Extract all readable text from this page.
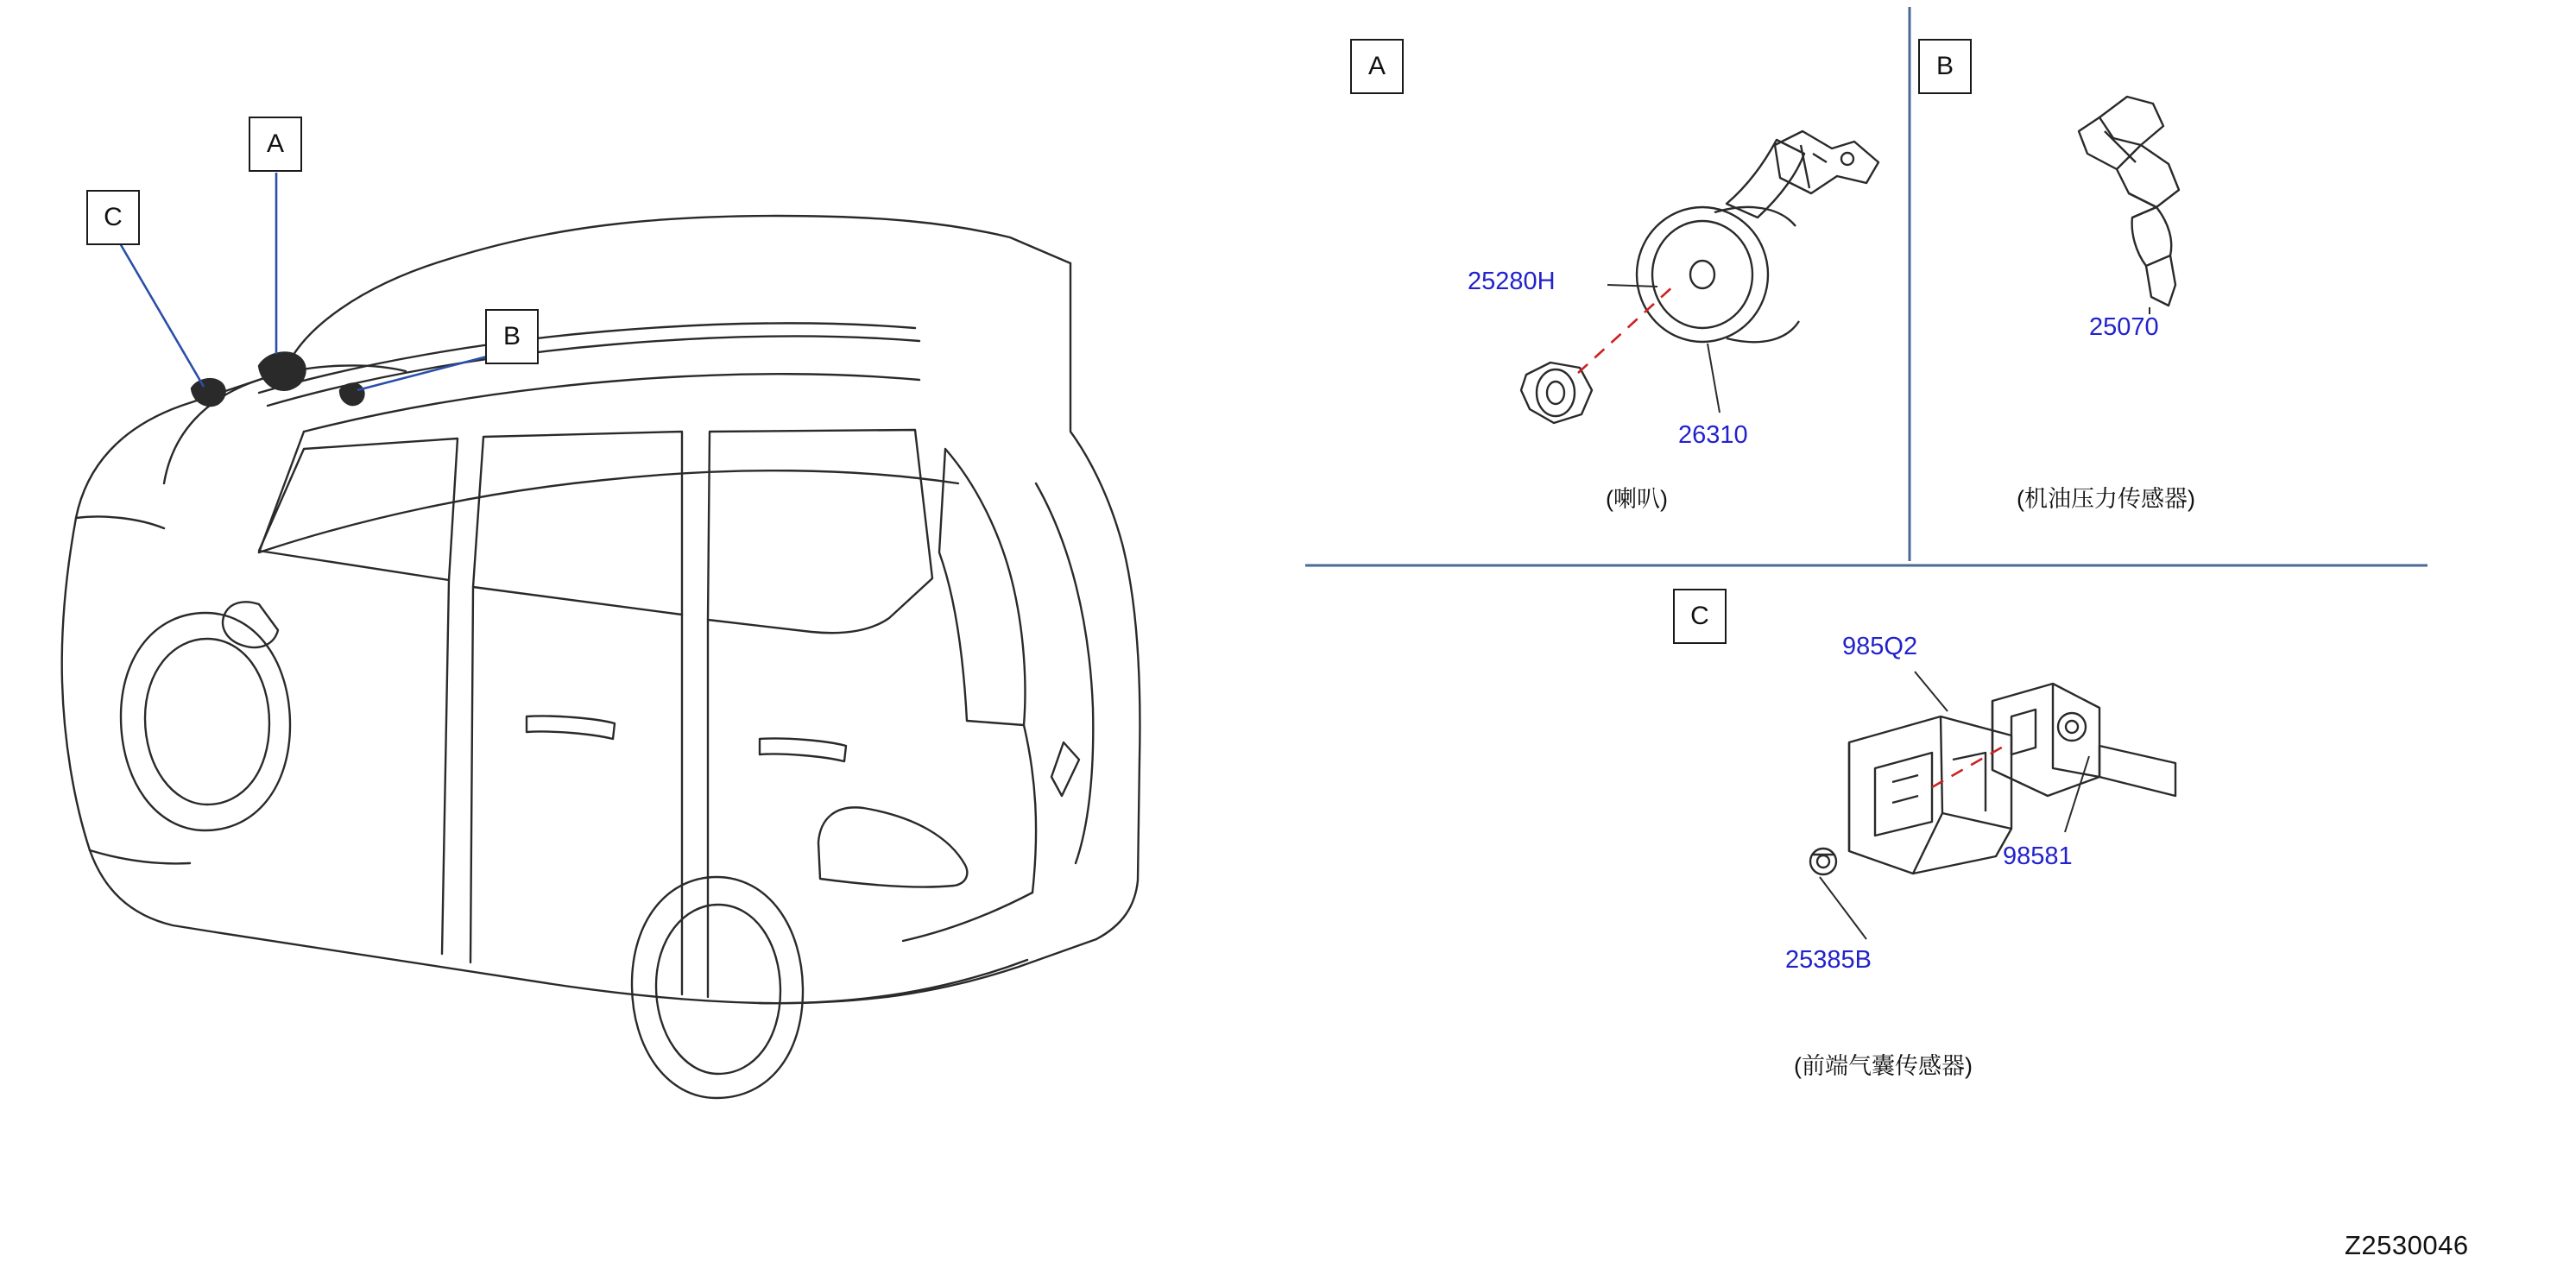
A
B
C
A	B
C
25280H
26310
25070
985Q2
98581
25385B
(喇叭)	(机油压力传感器)
(前端气囊传感器)
Z2530046
